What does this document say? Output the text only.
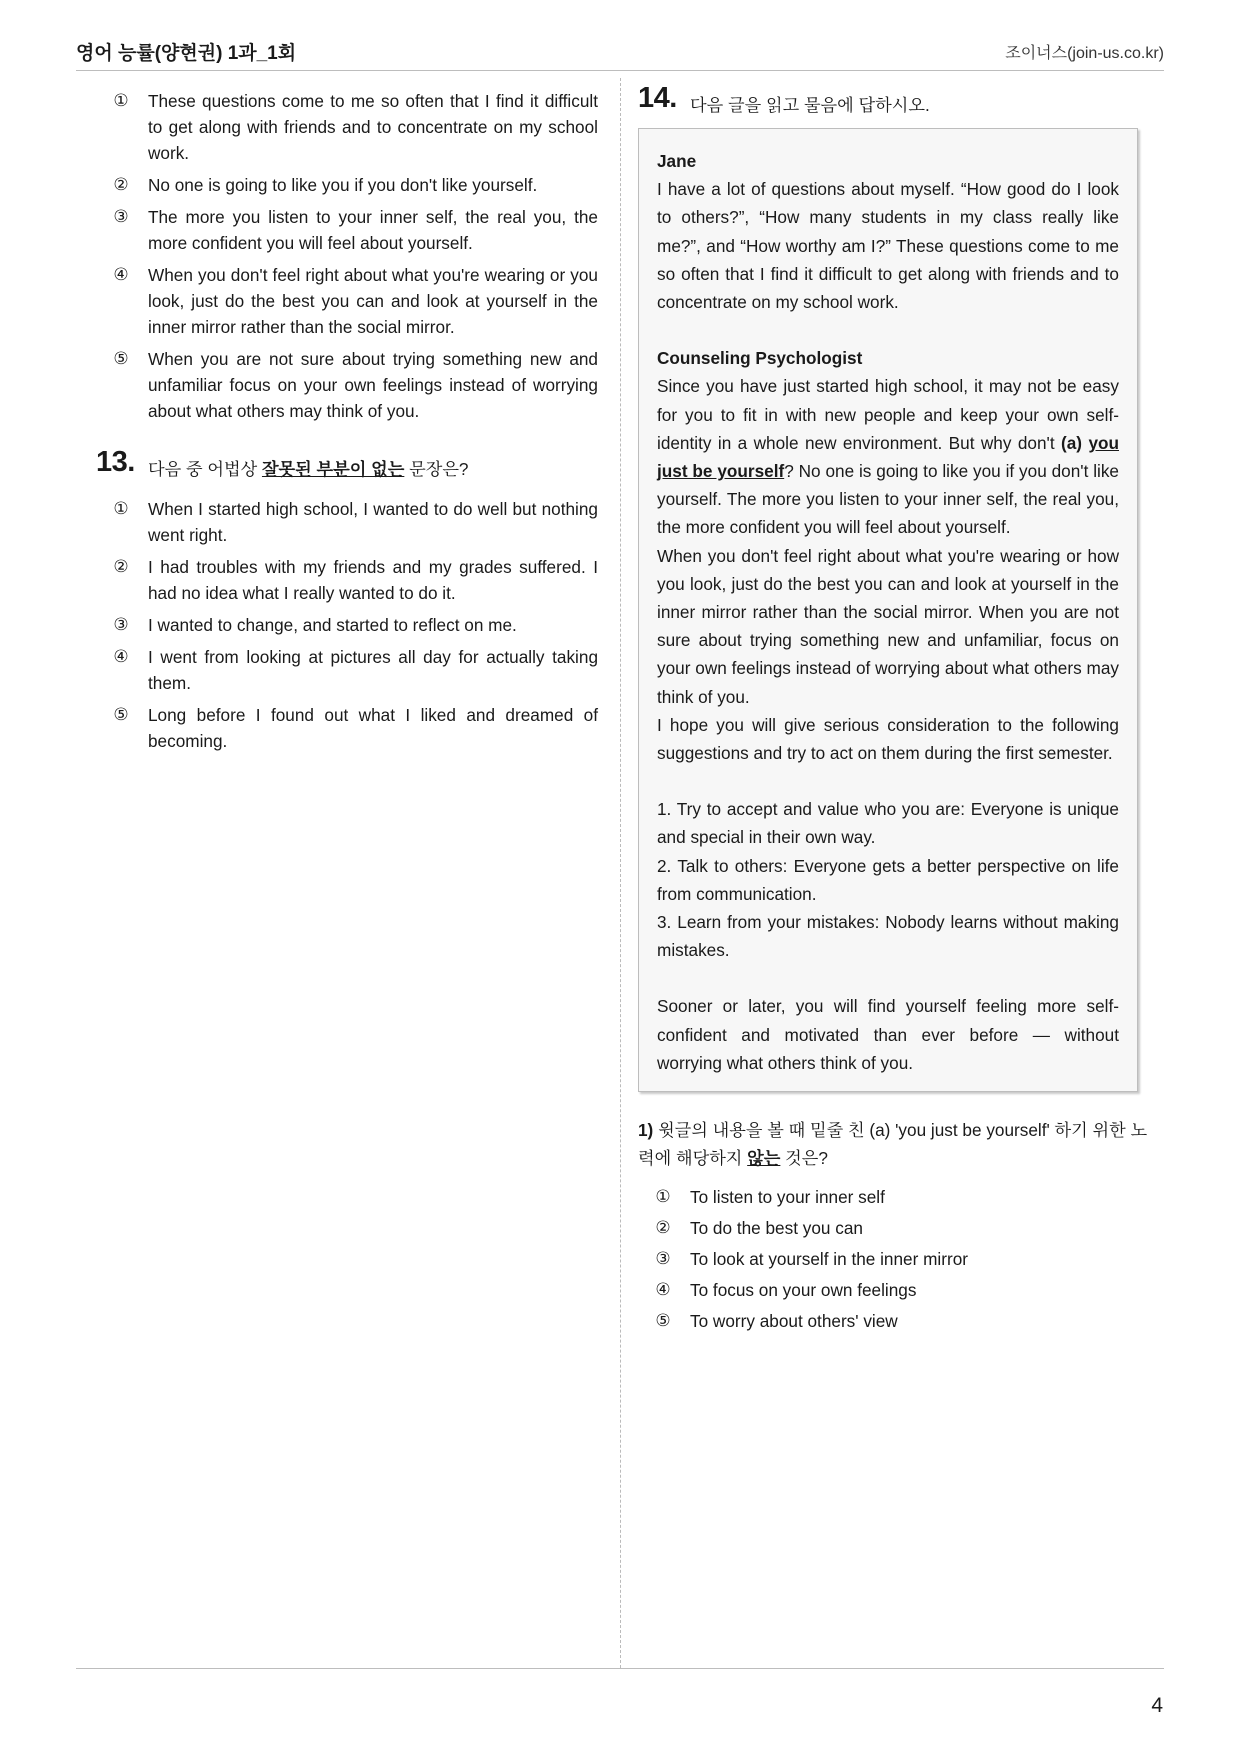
영어 능률(양현권) 1과_1회	조이너스(join-us.co.kr)
① These questions come to me so often that I find it difficult to get along with friends and to concentrate on my school work.
② No one is going to like you if you don't like yourself.
③ The more you listen to your inner self, the real you, the more confident you will feel about yourself.
④ When you don't feel right about what you're wearing or you look, just do the best you can and look at yourself in the inner mirror rather than the social mirror.
⑤ When you are not sure about trying something new and unfamiliar focus on your own feelings instead of worrying about what others may think of you.
13. 다음 중 어법상 잘못된 부분이 없는 문장은?
① When I started high school, I wanted to do well but nothing went right.
② I had troubles with my friends and my grades suffered. I had no idea what I really wanted to do it.
③ I wanted to change, and started to reflect on me.
④ I went from looking at pictures all day for actually taking them.
⑤ Long before I found out what I liked and dreamed of becoming.
14. 다음 글을 읽고 물음에 답하시오.

Jane

I have a lot of questions about myself. “How good do I look to others?”, “How many students in my class really like me?”, and “How worthy am I?” These questions come to me so often that I find it difficult to get along with friends and to concentrate on my school work.

Counseling Psychologist

Since you have just started high school, it may not be easy for you to fit in with new people and keep your own self-identity in a whole new environment. But why don't (a) you just be yourself? No one is going to like you if you don't like yourself. The more you listen to your inner self, the real you, the more confident you will feel about yourself.

When you don't feel right about what you're wearing or how you look, just do the best you can and look at yourself in the inner mirror rather than the social mirror. When you are not sure about trying something new and unfamiliar, focus on your own feelings instead of worrying about what others may think of you.

I hope you will give serious consideration to the following suggestions and try to act on them during the first semester.

1. Try to accept and value who you are: Everyone is unique and special in their own way.

2. Talk to others: Everyone gets a better perspective on life from communication.

3. Learn from your mistakes: Nobody learns without making mistakes.

Sooner or later, you will find yourself feeling more self-confident and motivated than ever before — without worrying what others think of you.

1) 윗글의 내용을 볼 때 밑줄 친 (a) 'you just be yourself' 하기 위한 노력에 해당하지 않는 것은?
① To listen to your inner self
② To do the best you can
③ To look at yourself in the inner mirror
④ To focus on your own feelings
⑤ To worry about others' view
4
